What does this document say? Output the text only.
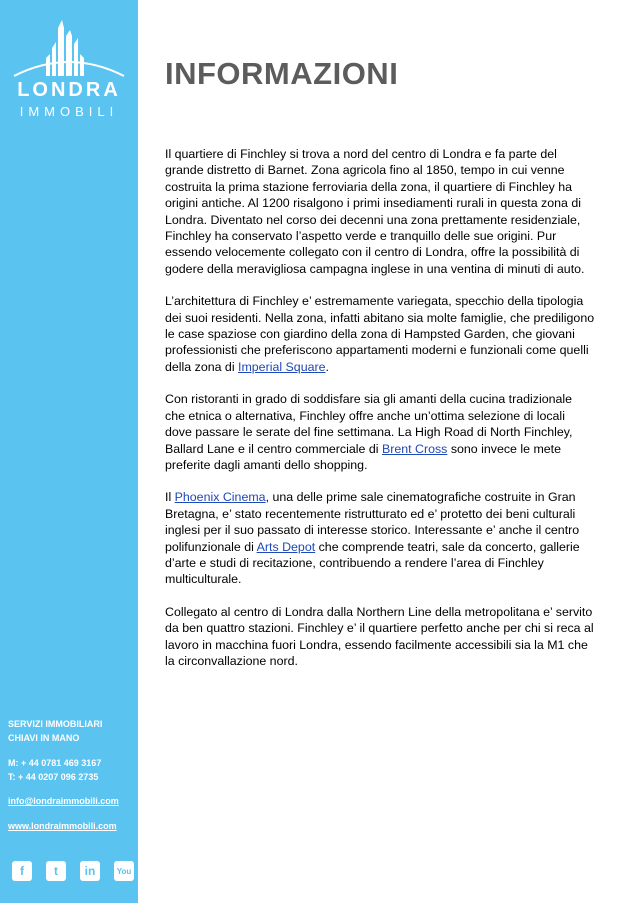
LONDRA
IMMOBILI
SERVIZI IMMOBILIARI
CHIAVI IN MANO
M: + 44 0781 469 3167
T: + 44 0207 096 2735
info@londraimmobili.com
www.londraimmobili.com
f	t	in	You
INFORMAZIONI

Il quartiere di Finchley si trova a nord del centro di Londra e fa parte del grande distretto di Barnet. Zona agricola fino al 1850, tempo in cui venne costruita la prima stazione ferroviaria della zona, il quartiere di Finchley ha origini antiche. Al 1200 risalgono i primi insediamenti rurali in questa zona di Londra. Diventato nel corso dei decenni una zona prettamente residenziale, Finchley ha conservato l’aspetto verde e tranquillo delle sue origini. Pur essendo velocemente collegato con il centro di Londra, offre la possibilità di godere della meravigliosa campagna inglese in una ventina di minuti di auto.

L’architettura di Finchley e’ estremamente variegata, specchio della tipologia dei suoi residenti. Nella zona, infatti abitano sia molte famiglie, che prediligono le case spaziose con giardino della zona di Hampsted Garden, che giovani professionisti che preferiscono appartamenti moderni e funzionali come quelli della zona di Imperial Square.

Con ristoranti in grado di soddisfare sia gli amanti della cucina tradizionale che etnica o alternativa, Finchley offre anche un’ottima selezione di locali dove passare le serate del fine settimana. La High Road di North Finchley, Ballard Lane e il centro commerciale di Brent Cross sono invece le mete preferite dagli amanti dello shopping.

Il Phoenix Cinema, una delle prime sale cinematografiche costruite in Gran Bretagna, e’ stato recentemente ristrutturato ed e’ protetto dei beni culturali inglesi per il suo passato di interesse storico. Interessante e’ anche il centro polifunzionale di Arts Depot che comprende teatri, sale da concerto, gallerie d’arte e studi di recitazione, contribuendo a rendere l’area di Finchley multiculturale.

Collegato al centro di Londra dalla Northern Line della metropolitana e’ servito da ben quattro stazioni. Finchley e’ il quartiere perfetto anche per chi si reca al lavoro in macchina fuori Londra, essendo facilmente accessibili sia la M1 che la circonvallazione nord.
